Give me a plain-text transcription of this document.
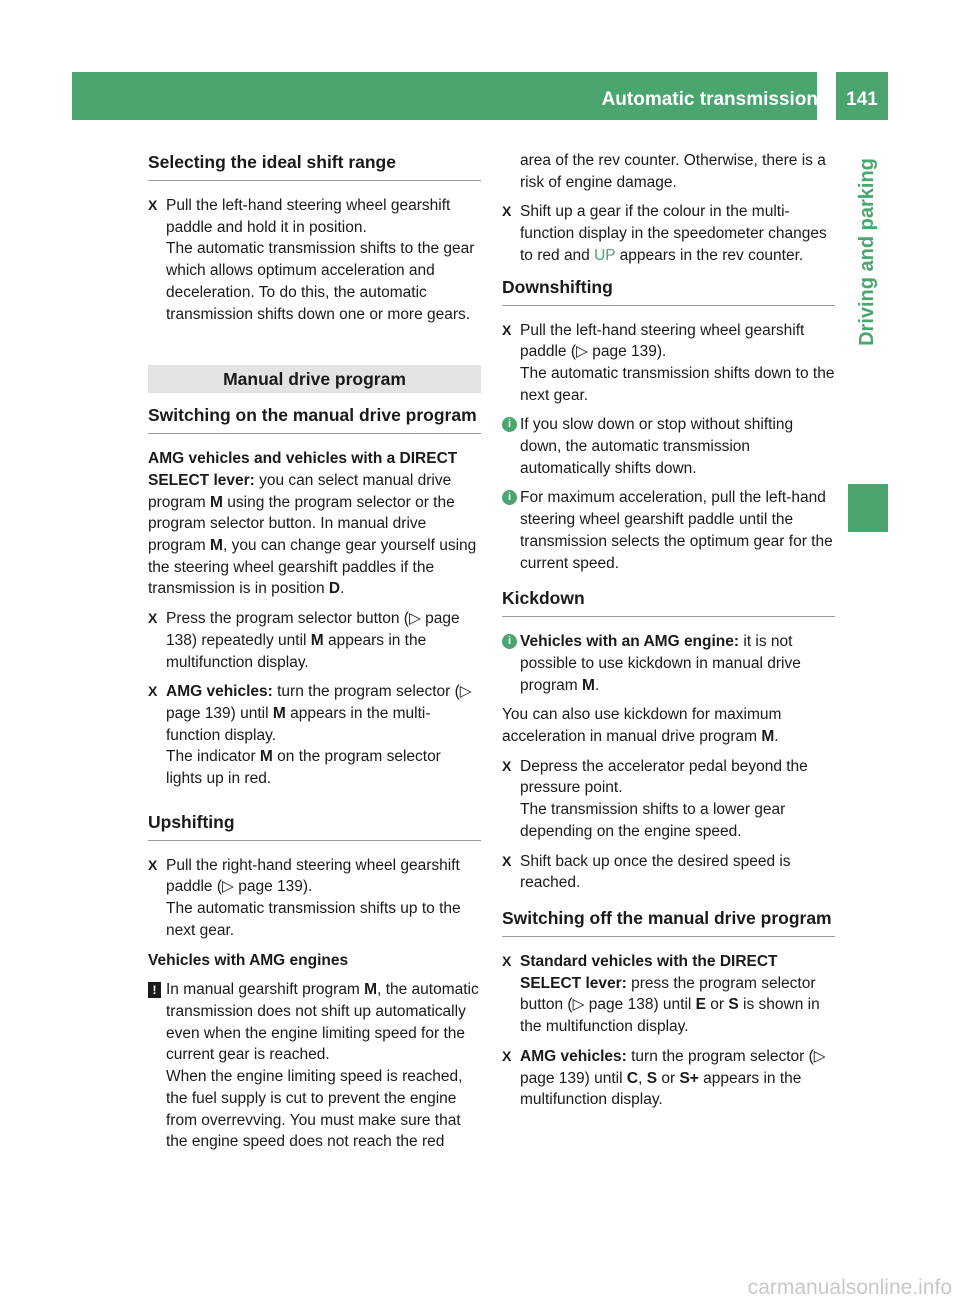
Automatic transmission	141
Driving and parking
Selecting the ideal shift range
X Pull the left-hand steering wheel gearshift paddle and hold it in position.
The automatic transmission shifts to the gear which allows optimum acceleration and deceleration. To do this, the automatic transmission shifts down one or more gears.
Manual drive program
Switching on the manual drive program
AMG vehicles and vehicles with a DIRECT SELECT lever: you can select manual drive program M using the program selector or the program selector button. In manual drive program M, you can change gear yourself using the steering wheel gearshift paddles if the transmission is in position D.
X Press the program selector button (▷ page 138) repeatedly until M appears in the multifunction display.
X AMG vehicles: turn the program selector (▷ page 139) until M appears in the multi-function display.
The indicator M on the program selector lights up in red.
Upshifting
X Pull the right-hand steering wheel gearshift paddle (▷ page 139).
The automatic transmission shifts up to the next gear.
Vehicles with AMG engines
! In manual gearshift program M, the automatic transmission does not shift up automatically even when the engine limiting speed for the current gear is reached.
When the engine limiting speed is reached, the fuel supply is cut to prevent the engine from overrevving. You must make sure that the engine speed does not reach the red
area of the rev counter. Otherwise, there is a risk of engine damage.
X Shift up a gear if the colour in the multi-function display in the speedometer changes to red and UP appears in the rev counter.
Downshifting
X Pull the left-hand steering wheel gearshift paddle (▷ page 139).
The automatic transmission shifts down to the next gear.
i If you slow down or stop without shifting down, the automatic transmission automatically shifts down.
i For maximum acceleration, pull the left-hand steering wheel gearshift paddle until the transmission selects the optimum gear for the current speed.
Kickdown
i Vehicles with an AMG engine: it is not possible to use kickdown in manual drive program M.
You can also use kickdown for maximum acceleration in manual drive program M.
X Depress the accelerator pedal beyond the pressure point.
The transmission shifts to a lower gear depending on the engine speed.
X Shift back up once the desired speed is reached.
Switching off the manual drive program
X Standard vehicles with the DIRECT SELECT lever: press the program selector button (▷ page 138) until E or S is shown in the multifunction display.
X AMG vehicles: turn the program selector (▷ page 139) until C, S or S+ appears in the multifunction display.
carmanualsonline.info
